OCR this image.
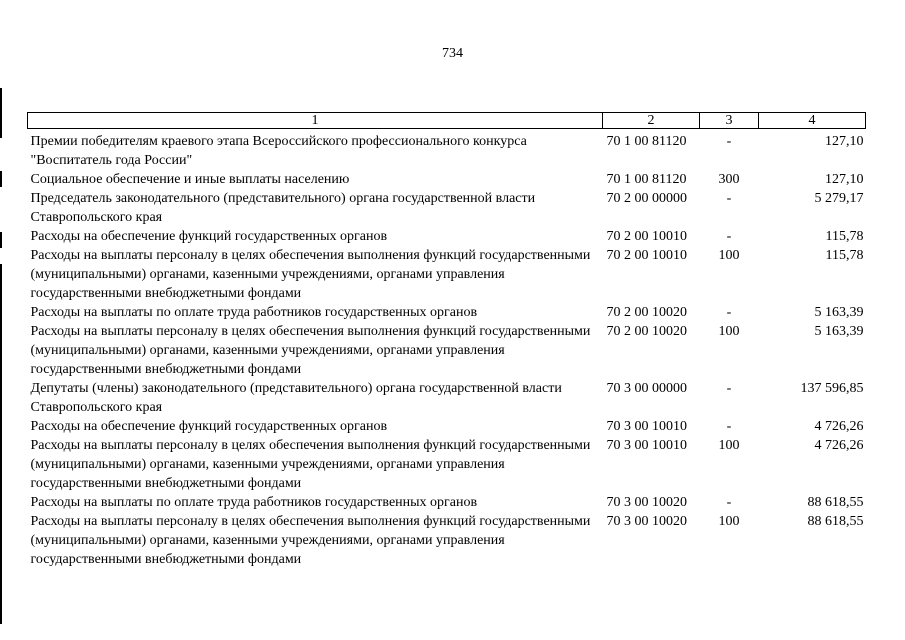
734
1	2	3	4

Премии победителям краевого этапа Всероссийского профессионального конкурса "Воспитатель года России"	70 1 00 81120	-	127,10
Социальное обеспечение и иные выплаты населению	70 1 00 81120	300	127,10
Председатель законодательного (представительного) органа государственной власти Ставропольского края	70 2 00 00000	-	5 279,17
Расходы на обеспечение функций государственных органов	70 2 00 10010	-	115,78
Расходы на выплаты персоналу в целях обеспечения выполнения функций государственными (муниципальными) органами, казенными учреждениями, органами управления государственными внебюджетными фондами	70 2 00 10010	100	115,78
Расходы на выплаты по оплате труда работников государственных органов	70 2 00 10020	-	5 163,39
Расходы на выплаты персоналу в целях обеспечения выполнения функций государственными (муниципальными) органами, казенными учреждениями, органами управления государственными внебюджетными фондами	70 2 00 10020	100	5 163,39
Депутаты (члены) законодательного (представительного) органа государственной власти Ставропольского края	70 3 00 00000	-	137 596,85
Расходы на обеспечение функций государственных органов	70 3 00 10010	-	4 726,26
Расходы на выплаты персоналу в целях обеспечения выполнения функций государственными (муниципальными) органами, казенными учреждениями, органами управления государственными внебюджетными фондами	70 3 00 10010	100	4 726,26
Расходы на выплаты по оплате труда работников государственных органов	70 3 00 10020	-	88 618,55
Расходы на выплаты персоналу в целях обеспечения выполнения функций государственными (муниципальными) органами, казенными учреждениями, органами управления государственными внебюджетными фондами	70 3 00 10020	100	88 618,55
